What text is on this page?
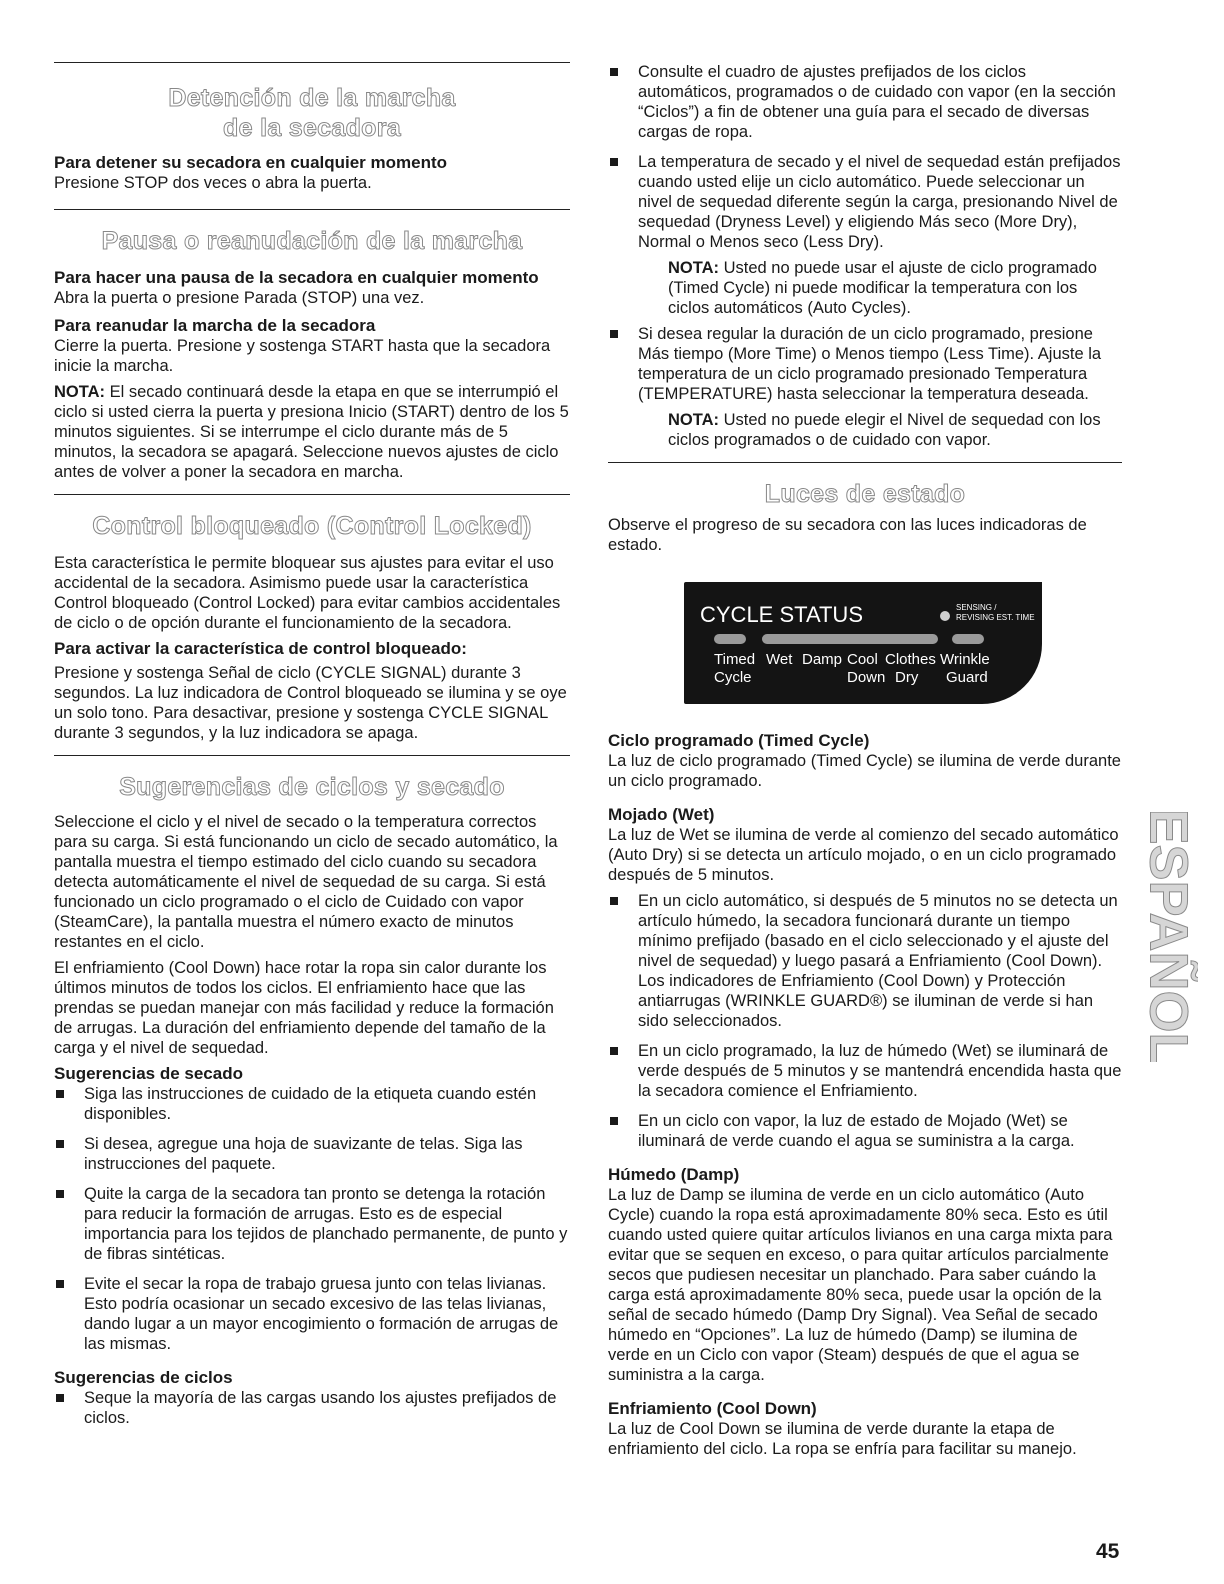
Detención de la marcha
de la secadora

Para detener su secadora en cualquier momento

Presione STOP dos veces o abra la puerta.

Pausa o reanudación de la marcha

Para hacer una pausa de la secadora en cualquier momento

Abra la puerta o presione Parada (STOP) una vez.

Para reanudar la marcha de la secadora

Cierre la puerta. Presione y sostenga START hasta que la secadora inicie la marcha.

NOTA: El secado continuará desde la etapa en que se interrumpió el ciclo si usted cierra la puerta y presiona Inicio (START) dentro de los 5 minutos siguientes. Si se interrumpe el ciclo durante más de 5 minutos, la secadora se apagará. Seleccione nuevos ajustes de ciclo antes de volver a poner la secadora en marcha.

Control bloqueado (Control Locked)

Esta característica le permite bloquear sus ajustes para evitar el uso accidental de la secadora. Asimismo puede usar la característica Control bloqueado (Control Locked) para evitar cambios accidentales de ciclo o de opción durante el funcionamiento de la secadora.

Para activar la característica de control bloqueado:

Presione y sostenga Señal de ciclo (CYCLE SIGNAL) durante 3 segundos. La luz indicadora de Control bloqueado se ilumina y se oye un solo tono. Para desactivar, presione y sostenga CYCLE SIGNAL durante 3 segundos, y la luz indicadora se apaga.

Sugerencias de ciclos y secado

Seleccione el ciclo y el nivel de secado o la temperatura correctos para su carga. Si está funcionando un ciclo de secado automático, la pantalla muestra el tiempo estimado del ciclo cuando su secadora detecta automáticamente el nivel de sequedad de su carga. Si está funcionado un ciclo programado o el ciclo de Cuidado con vapor (SteamCare), la pantalla muestra el número exacto de minutos restantes en el ciclo.

El enfriamiento (Cool Down) hace rotar la ropa sin calor durante los últimos minutos de todos los ciclos. El enfriamiento hace que las prendas se puedan manejar con más facilidad y reduce la formación de arrugas. La duración del enfriamiento depende del tamaño de la carga y el nivel de sequedad.

Sugerencias de secado

Siga las instrucciones de cuidado de la etiqueta cuando estén disponibles.
Si desea, agregue una hoja de suavizante de telas. Siga las instrucciones del paquete.
Quite la carga de la secadora tan pronto se detenga la rotación para reducir la formación de arrugas. Esto es de especial importancia para los tejidos de planchado permanente, de punto y de fibras sintéticas.
Evite el secar la ropa de trabajo gruesa junto con telas livianas. Esto podría ocasionar un secado excesivo de las telas livianas, dando lugar a un mayor encogimiento o formación de arrugas de las mismas.

Sugerencias de ciclos

Seque la mayoría de las cargas usando los ajustes prefijados de ciclos.
Consulte el cuadro de ajustes prefijados de los ciclos automáticos, programados o de cuidado con vapor (en la sección “Ciclos”) a fin de obtener una guía para el secado de diversas cargas de ropa.
La temperatura de secado y el nivel de sequedad están prefijados cuando usted elije un ciclo automático. Puede seleccionar un nivel de sequedad diferente según la carga, presionando Nivel de sequedad (Dryness Level) y eligiendo Más seco (More Dry), Normal o Menos seco (Less Dry).

NOTA: Usted no puede usar el ajuste de ciclo programado (Timed Cycle) ni puede modificar la temperatura con los ciclos automáticos (Auto Cycles).

Si desea regular la duración de un ciclo programado, presione Más tiempo (More Time) o Menos tiempo (Less Time). Ajuste la temperatura de un ciclo programado presionado Temperatura (TEMPERATURE) hasta seleccionar la temperatura deseada.

NOTA: Usted no puede elegir el Nivel de sequedad con los ciclos programados o de cuidado con vapor.

Luces de estado

Observe el progreso de su secadora con las luces indicadoras de estado.

Ciclo programado (Timed Cycle)

La luz de ciclo programado (Timed Cycle) se ilumina de verde durante un ciclo programado.

Mojado (Wet)

La luz de Wet se ilumina de verde al comienzo del secado automático (Auto Dry) si se detecta un artículo mojado, o en un ciclo programado después de 5 minutos.

En un ciclo automático, si después de 5 minutos no se detecta un artículo húmedo, la secadora funcionará durante un tiempo mínimo prefijado (basado en el ciclo seleccionado y el ajuste del nivel de sequedad) y luego pasará a Enfriamiento (Cool Down). Los indicadores de Enfriamiento (Cool Down) y Protección antiarrugas (WRINKLE GUARD®) se iluminan de verde si han sido seleccionados.
En un ciclo programado, la luz de húmedo (Wet) se iluminará de verde después de 5 minutos y se mantendrá encendida hasta que la secadora comience el Enfriamiento.
En un ciclo con vapor, la luz de estado de Mojado (Wet) se iluminará de verde cuando el agua se suministra a la carga.

Húmedo (Damp)

La luz de Damp se ilumina de verde en un ciclo automático (Auto Cycle) cuando la ropa está aproximadamente 80% seca. Esto es útil cuando usted quiere quitar artículos livianos en una carga mixta para evitar que se sequen en exceso, o para quitar artículos parcialmente secos que pudiesen necesitar un planchado. Para saber cuándo la carga está aproximadamente 80% seca, puede usar la opción de la señal de secado húmedo (Damp Dry Signal). Vea Señal de secado húmedo en “Opciones”. La luz de húmedo (Damp) se ilumina de verde en un Ciclo con vapor (Steam) después de que el agua se suministra a la carga.

Enfriamiento (Cool Down)

La luz de Cool Down se ilumina de verde durante la etapa de enfriamiento del ciclo. La ropa se enfría para facilitar su manejo.

CYCLE STATUS	SENSING /
REVISING EST. TIME
Timed
Cycle
Wet Damp Cool
Down
Clothes
Dry
Wrinkle
Guard
ESPAÑOL
45
